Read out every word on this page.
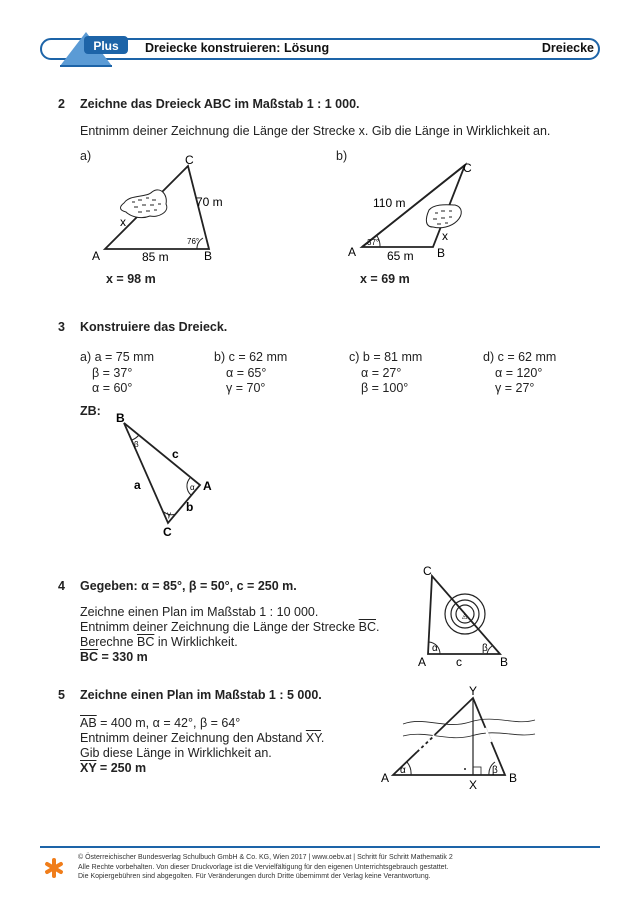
Plus Dreiecke konstruieren: Lösung	Dreiecke
2 Zeichne das Dreieck ABC im Maßstab 1 : 1 000.
Entnimm deiner Zeichnung die Länge der Strecke x. Gib die Länge in Wirklichkeit an.
a)
A	B
C
85 m
70 m
76°
x
x = 98 m
b)
A	B
C
65 m
110 m
37°	x
x = 69 m
3 Konstruiere das Dreieck.
a) a = 75 mm
β = 37°
α = 60°
b) c = 62 mm
α = 65°
γ = 70°
c) b = 81 mm
α = 27°
β = 100°
d) c = 62 mm
α = 120°
γ = 27°
ZB: B
A
C
c
a
b
β
α
γ
4 Gegeben: α = 85°, β = 50°, c = 250 m.
Zeichne einen Plan im Maßstab 1 : 10 000.
Entnimm deiner Zeichnung die Länge der Strecke $\overline{BC}$.
Berechne $\overline{BC}$ in Wirklichkeit.
$\overline{BC} = 330$ m
◬
C
A	B
c
α	β
5 Zeichne einen Plan im Maßstab 1 : 5 000.
$\overline{AB} = 400$ m, α = 42°, β = 64°
Entnimm deiner Zeichnung den Abstand $\overline{XY}$.
Gib diese Länge in Wirklichkeit an.
$\overline{XY} = 250$ m
Y
A	B
X
α	β
© Österreichischer Bundesverlag Schulbuch GmbH & Co. KG, Wien 2017 | www.oebv.at | Schritt für Schritt Mathematik 2
Alle Rechte vorbehalten. Von dieser Druckvorlage ist die Vervielfältigung für den eigenen Unterrichtsgebrauch gestattet.
Die Kopiergebühren sind abgegolten. Für Veränderungen durch Dritte übernimmt der Verlag keine Verantwortung.
